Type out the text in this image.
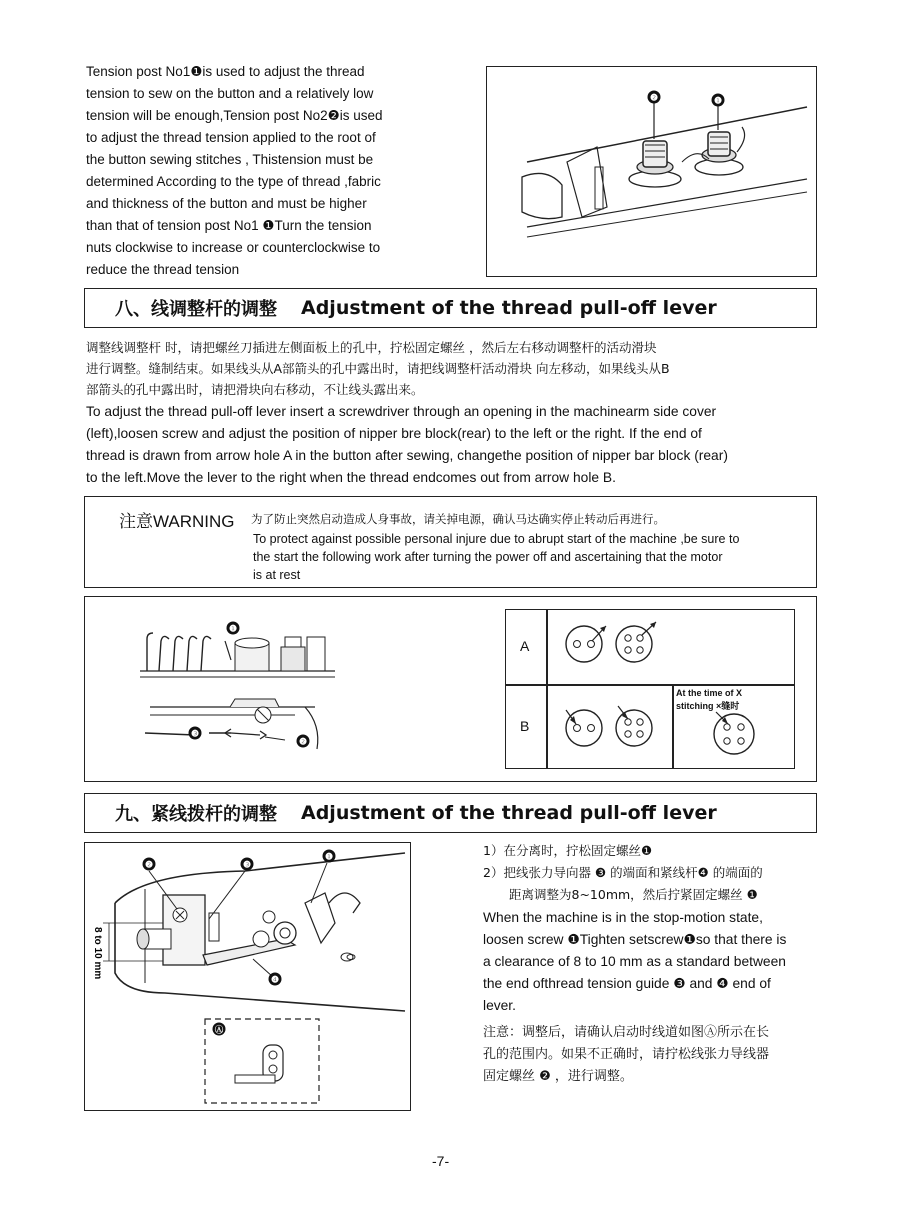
Tension post No1❶is used to adjust the thread

tension to sew on the button and a relatively low

tension will be enough,Tension post No2❷is used

to adjust the thread tension applied to the root of

the button sewing stitches , Thistension must be

determined According to the type of thread ,fabric

and thickness of the button and must be higher

than that of tension post No1 ❶Turn the tension

nuts clockwise to increase or counterclockwise to

reduce the thread tension

❷	❶
八、线调整杆的调整 Adjustment of the thread pull-off lever
调整线调整杆 时，请把螺丝刀插进左侧面板上的孔中，拧松固定螺丝 ，然后左右移动调整杆的活动滑块
进行调整。缝制结束。如果线头从A部箭头的孔中露出时，请把线调整杆活动滑块 向左移动，如果线头从B
部箭头的孔中露出时，请把滑块向右移动，不让线头露出来。

To adjust the thread pull-off lever insert a screwdriver through an opening in the machinearm side cover

(left),loosen screw and adjust the position of nipper bre block(rear) to the left or the right. If the end of

thread is drawn from arrow hole A in the button after sewing, changethe position of nipper bar block (rear)

to the left.Move the lever to the right when the thread endcomes out from arrow hole B.

注意WARNING 为了防止突然启动造成人身事故，请关掉电源，确认马达确实停止转动后再进行。
To protect against possible personal injure due to abrupt start of the machine ,be sure to
the start the following work after turning the power off and ascertaining that the motor
is at rest
❶
❸
❷
A
B
At the time of X
stitching ×缝时
九、紧线拨杆的调整 Adjustment of the thread pull-off lever
❷	❸
❶
❹
8 to 10 mm
Ⓐ
1）在分离时，拧松固定螺丝❶
2）把线张力导向器 ❸ 的端面和紧线杆❹ 的端面的
距离调整为8~10mm，然后拧紧固定螺丝 ❶

When the machine is in the stop-motion state,

loosen screw ❶Tighten setscrew❶so that there is

a clearance of 8 to 10 mm as a standard between

the end ofthread tension guide ❸ and ❹ end of

lever.

注意：调整后，请确认启动时线道如图Ⓐ所示在长
孔的范围内。如果不正确时，请拧松线张力导线器
固定螺丝 ❷ ，进行调整。
-7-
